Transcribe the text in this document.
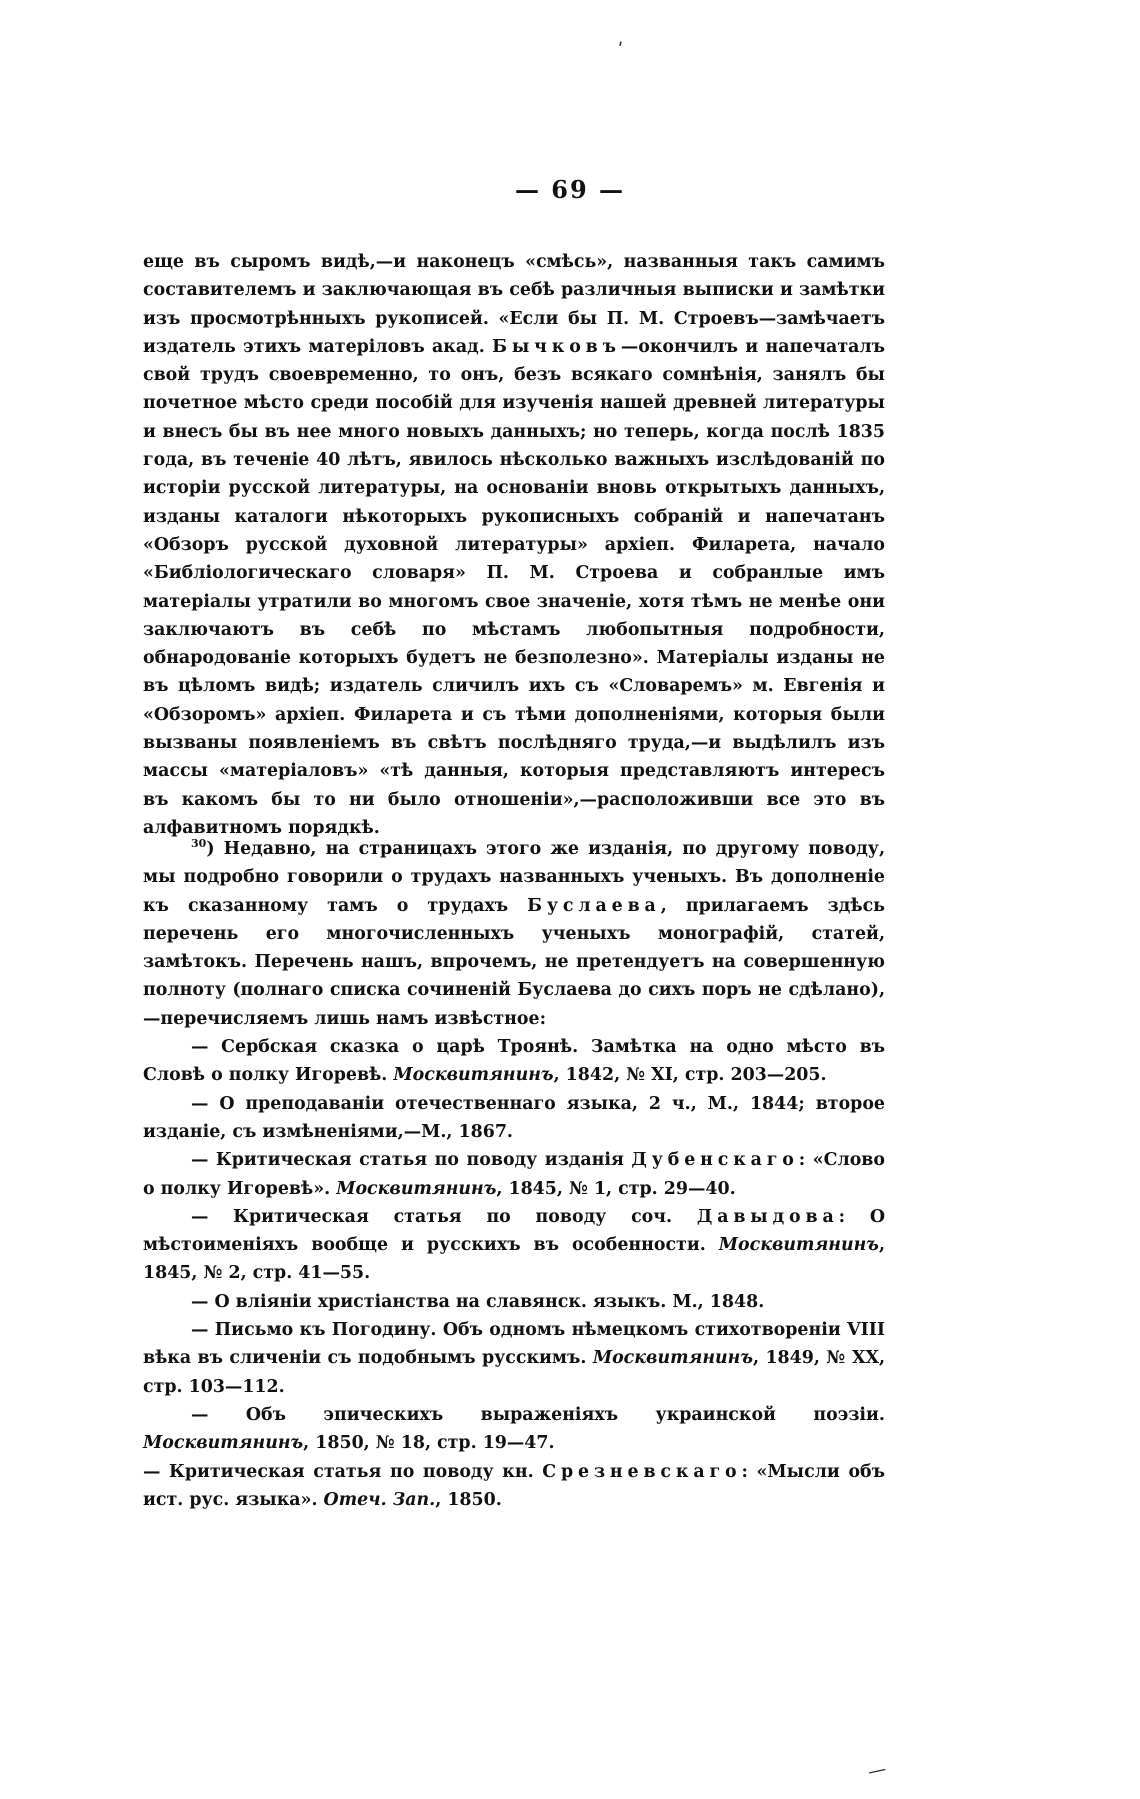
ʹ
— 69 —

еще въ сыромъ видѣ,—и наконецъ «смѣсь», названныя такъ самимъ составителемъ и заключающая въ себѣ различныя выписки и замѣтки изъ просмотрѣнныхъ рукописей. «Если бы П. М. Строевъ—замѣчаетъ издатель этихъ матеріловъ акад. Бычковъ—окончилъ и напечаталъ свой трудъ своевременно, то онъ, безъ всякаго сомнѣнія, занялъ бы почетное мѣсто среди пособій для изученія нашей древней литературы и внесъ бы въ нее много новыхъ данныхъ; но теперь, когда послѣ 1835 года, въ теченіе 40 лѣтъ, явилось нѣсколько важныхъ изслѣдованій по исторіи русской литературы, на основаніи вновь открытыхъ данныхъ, изданы каталоги нѣкоторыхъ рукописныхъ собраній и напечатанъ «Обзоръ русской духовной литературы» архіеп. Филарета, начало «Библіологическаго словаря» П. М. Строева и собранлые имъ матеріалы утратили во многомъ свое значеніе, хотя тѣмъ не менѣе они заключаютъ въ себѣ по мѣстамъ любопытныя подробности, обнародованіе которыхъ будетъ не безполезно». Матеріалы изданы не въ цѣломъ видѣ; издатель сличилъ ихъ съ «Словаремъ» м. Евгенія и «Обзоромъ» архіеп. Филарета и съ тѣми дополненіями, которыя были вызваны появленіемъ въ свѣтъ послѣдняго труда,—и выдѣлилъ изъ массы «матеріаловъ» «тѣ данныя, которыя представляютъ интересъ въ какомъ бы то ни было отношеніи»,—расположивши все это въ алфавитномъ порядкѣ.

$^{30}$) Недавно, на страницахъ этого же изданія, по другому поводу, мы подробно говорили о трудахъ названныхъ ученыхъ. Въ дополненіе къ сказанному тамъ о трудахъ Буслаева, прилагаемъ здѣсь перечень его многочисленныхъ ученыхъ монографій, статей, замѣтокъ. Перечень нашъ, впрочемъ, не претендуетъ на совершенную полноту (полнаго списка сочиненій Буслаева до сихъ поръ не сдѣлано),—перечисляемъ лишь намъ извѣстное:

— Сербская сказка о царѣ Троянѣ. Замѣтка на одно мѣсто въ Словѣ о полку Игоревѣ. Москвитянинъ, 1842, № XI, стр. 203—205.

— О преподаваніи отечественнаго языка, 2 ч., М., 1844; второе изданіе, съ измѣненіями,—М., 1867.

— Критическая статья по поводу изданія Дубенскаго: «Слово о полку Игоревѣ». Москвитянинъ, 1845, № 1, стр. 29—40.

— Критическая статья по поводу соч. Давыдова: О мѣстоименіяхъ вообще и русскихъ въ особенности. Москвитянинъ, 1845, № 2, стр. 41—55.

— О вліяніи христіанства на славянск. языкъ. М., 1848.

— Письмо къ Погодину. Объ одномъ нѣмецкомъ стихотвореніи VIII вѣка въ сличеніи съ подобнымъ русскимъ. Москвитянинъ, 1849, № XX, стр. 103—112.

— Объ эпическихъ выраженіяхъ украинской поэзіи. Москвитянинъ, 1850, № 18, стр. 19—47.

— Критическая статья по поводу кн. Срезневскаго: «Мысли объ ист. рус. языка». Отеч. Зап., 1850.

—
